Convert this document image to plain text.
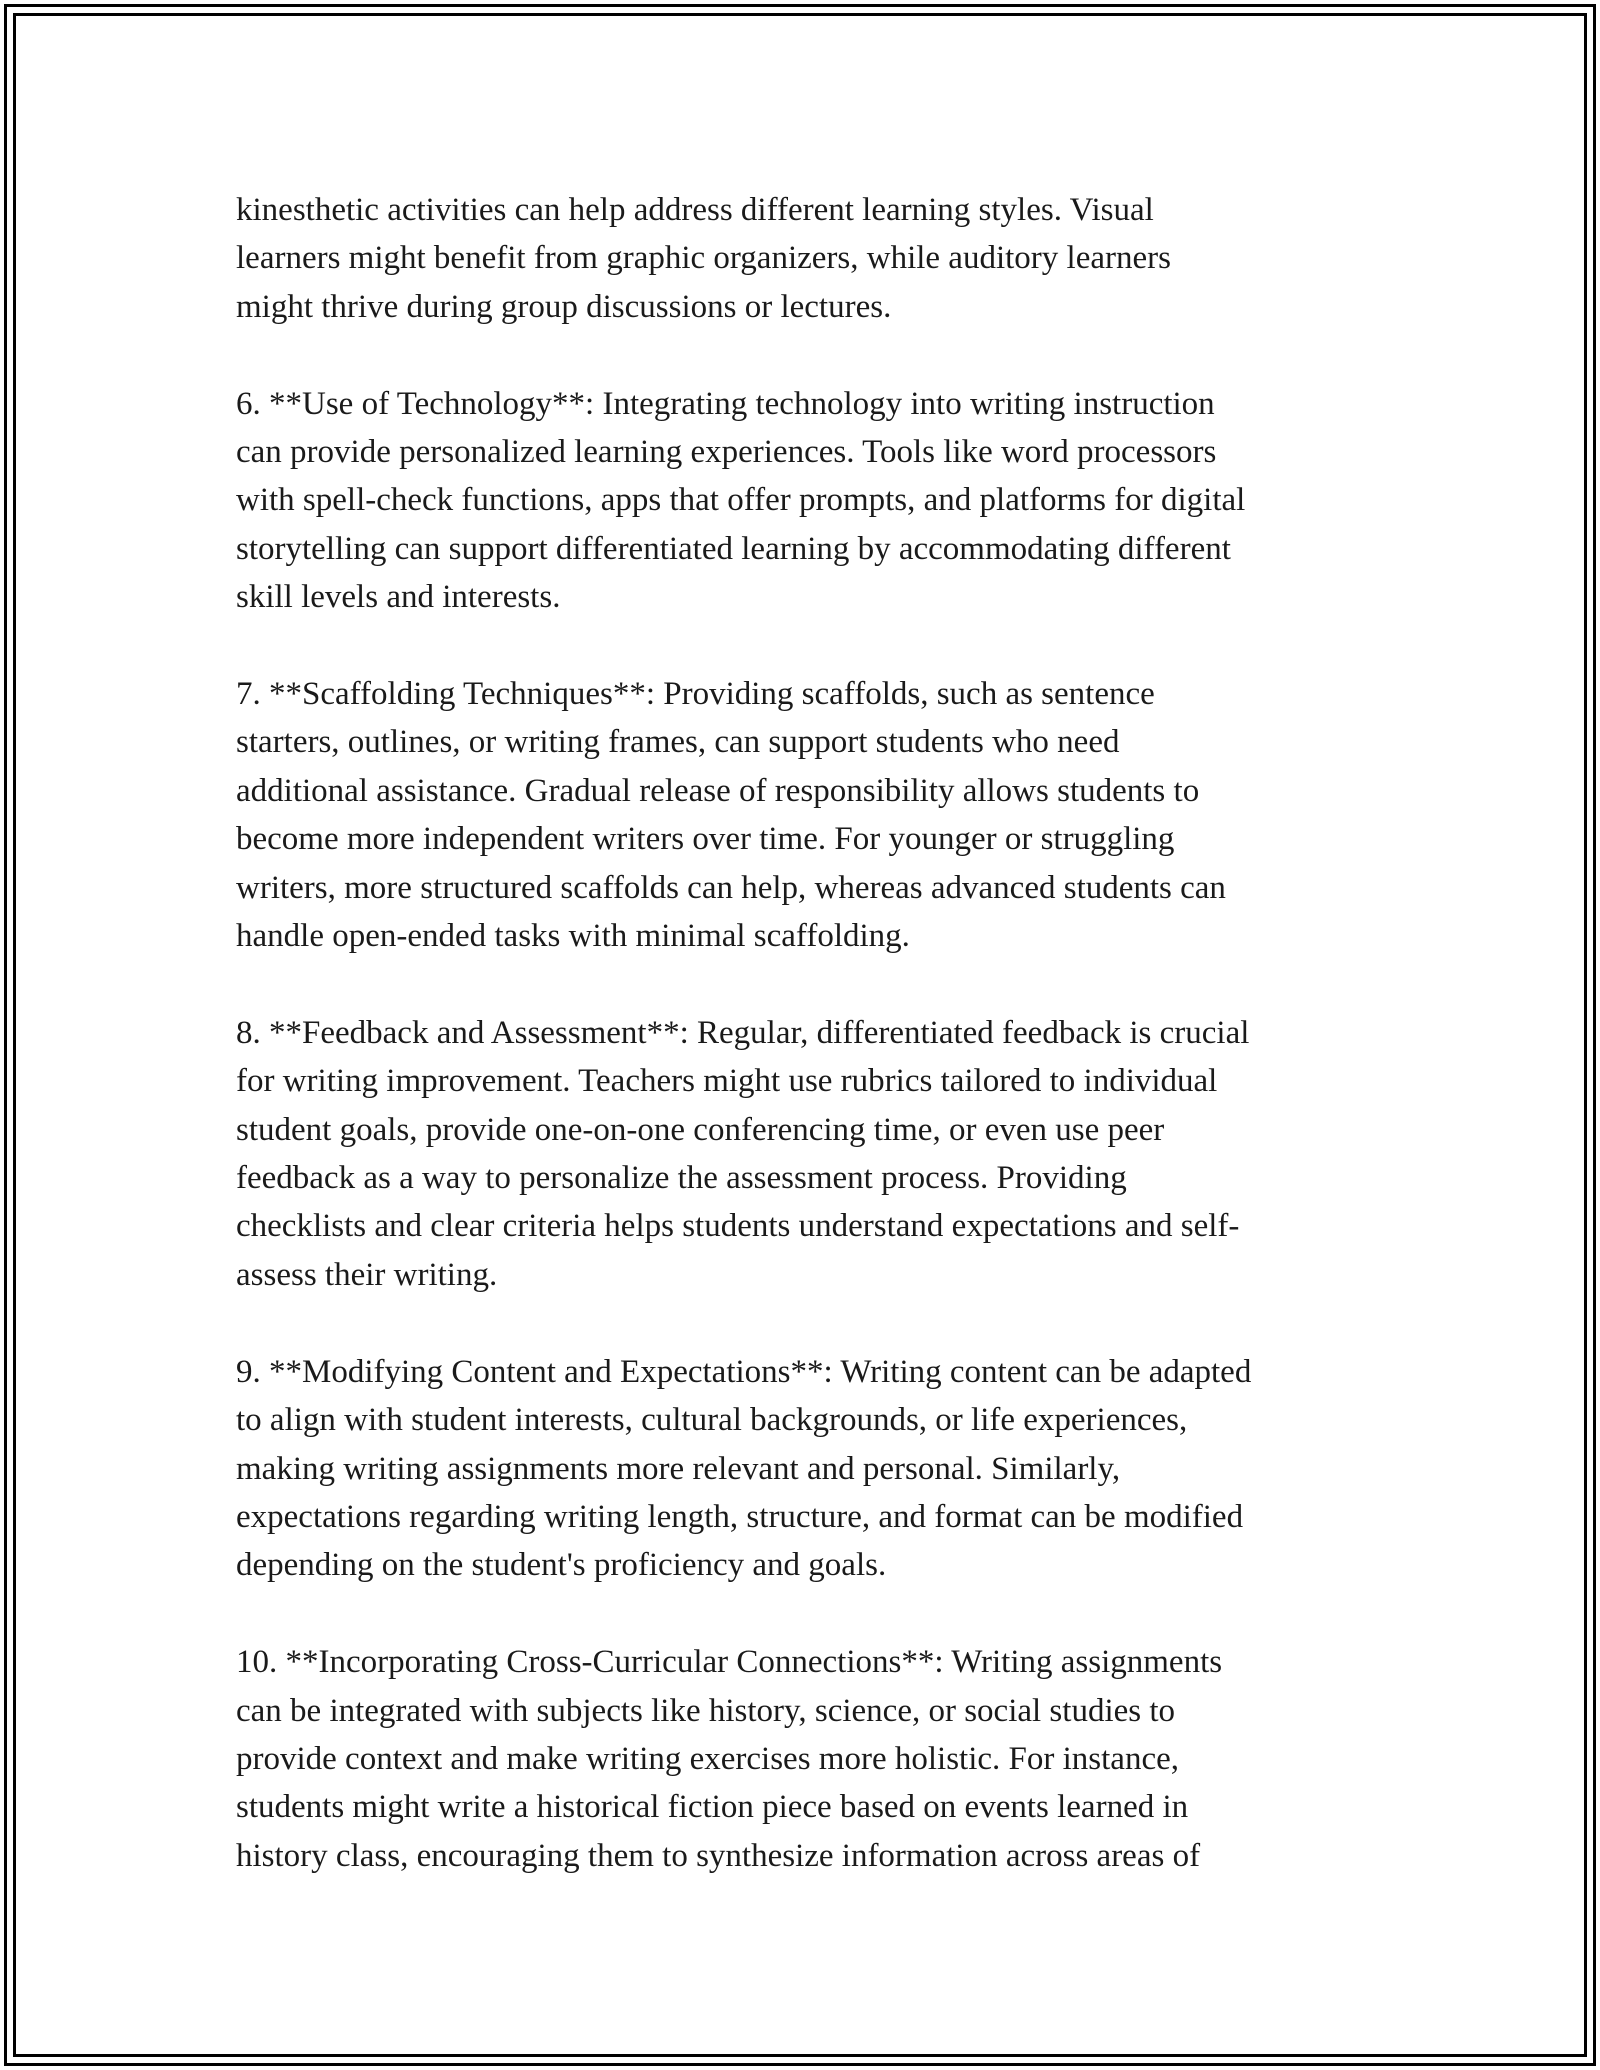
kinesthetic activities can help address different learning styles. Visual
learners might benefit from graphic organizers, while auditory learners
might thrive during group discussions or lectures.

6. **Use of Technology**: Integrating technology into writing instruction
can provide personalized learning experiences. Tools like word processors
with spell-check functions, apps that offer prompts, and platforms for digital
storytelling can support differentiated learning by accommodating different
skill levels and interests.

7. **Scaffolding Techniques**: Providing scaffolds, such as sentence
starters, outlines, or writing frames, can support students who need
additional assistance. Gradual release of responsibility allows students to
become more independent writers over time. For younger or struggling
writers, more structured scaffolds can help, whereas advanced students can
handle open-ended tasks with minimal scaffolding.

8. **Feedback and Assessment**: Regular, differentiated feedback is crucial
for writing improvement. Teachers might use rubrics tailored to individual
student goals, provide one-on-one conferencing time, or even use peer
feedback as a way to personalize the assessment process. Providing
checklists and clear criteria helps students understand expectations and self-
assess their writing.

9. **Modifying Content and Expectations**: Writing content can be adapted
to align with student interests, cultural backgrounds, or life experiences,
making writing assignments more relevant and personal. Similarly,
expectations regarding writing length, structure, and format can be modified
depending on the student's proficiency and goals.

10. **Incorporating Cross-Curricular Connections**: Writing assignments
can be integrated with subjects like history, science, or social studies to
provide context and make writing exercises more holistic. For instance,
students might write a historical fiction piece based on events learned in
history class, encouraging them to synthesize information across areas of
